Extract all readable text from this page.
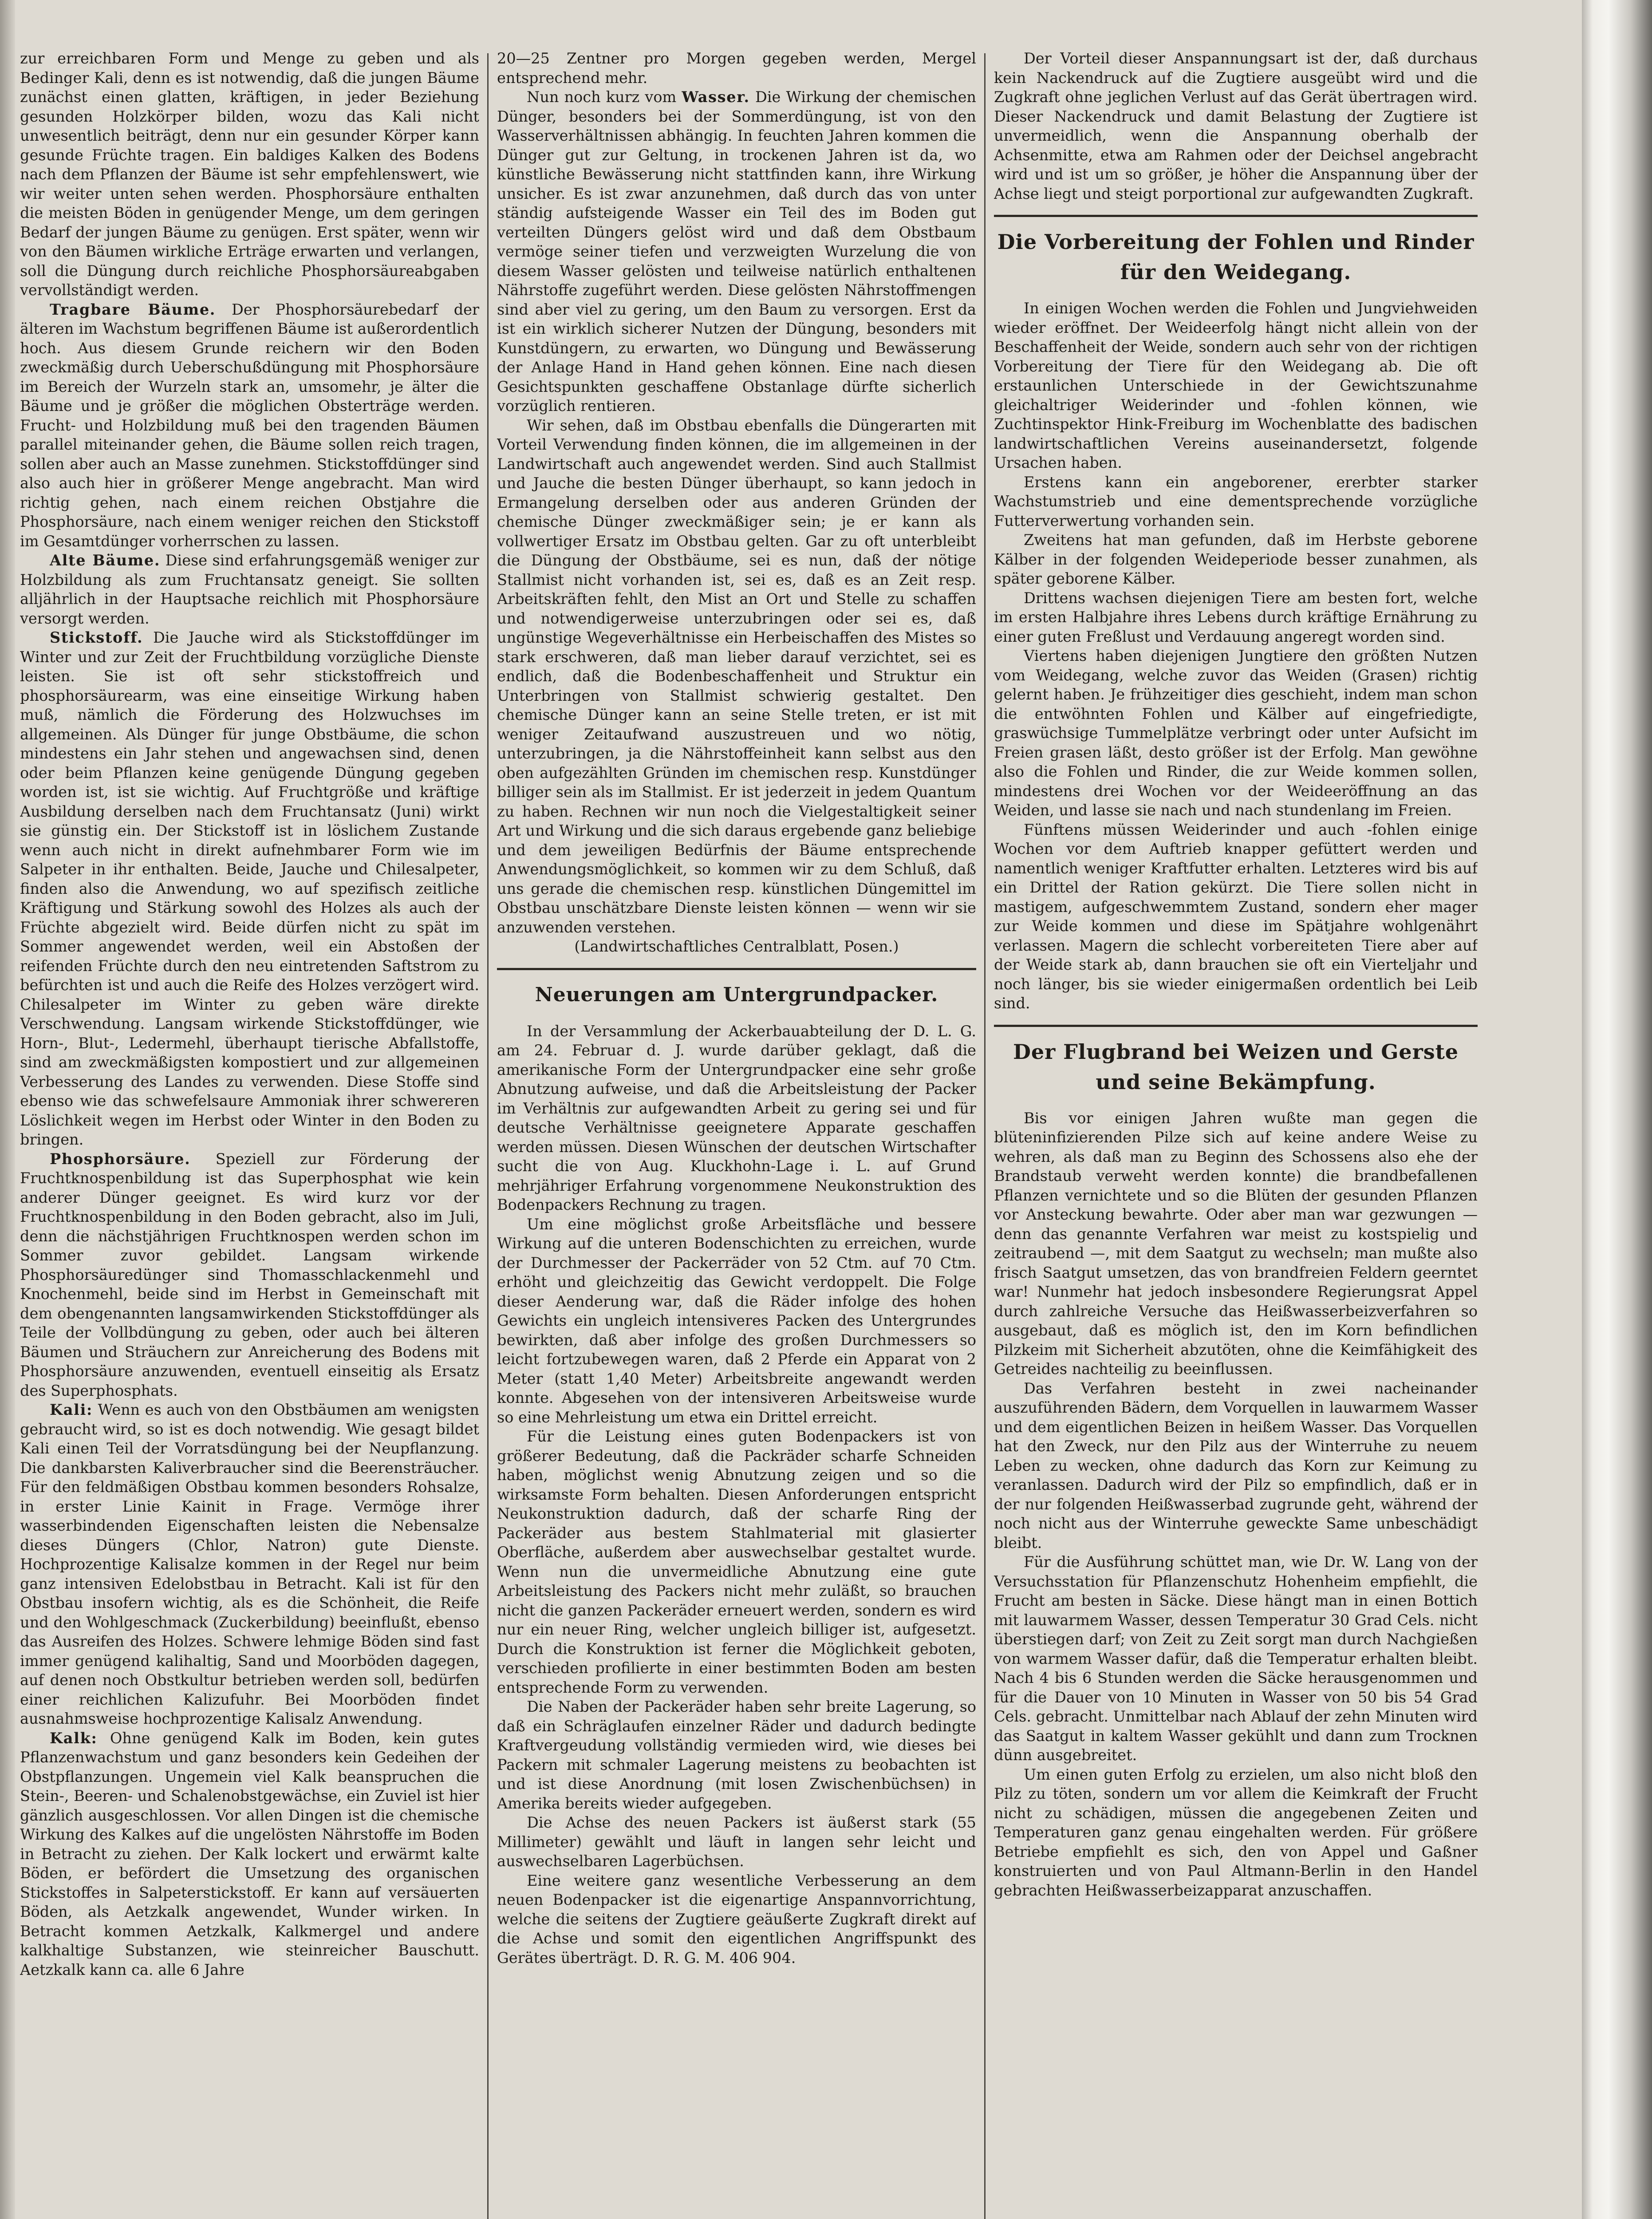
zur erreichbaren Form und Menge zu geben und als Bedinger Kali, denn es ist notwendig, daß die jungen Bäume zunächst einen glatten, kräftigen, in jeder Beziehung gesunden Holzkörper bilden, wozu das Kali nicht unwesentlich beiträgt, denn nur ein gesunder Körper kann gesunde Früchte tragen. Ein baldiges Kalken des Bodens nach dem Pflanzen der Bäume ist sehr empfehlenswert, wie wir weiter unten sehen werden. Phosphorsäure enthalten die meisten Böden in genügender Menge, um dem geringen Bedarf der jungen Bäume zu genügen. Erst später, wenn wir von den Bäumen wirkliche Erträge erwarten und verlangen, soll die Düngung durch reichliche Phosphorsäureabgaben vervollständigt werden.

Tragbare Bäume. Der Phosphorsäurebedarf der älteren im Wachstum begriffenen Bäume ist außerordentlich hoch. Aus diesem Grunde reichern wir den Boden zweckmäßig durch Ueberschußdüngung mit Phosphorsäure im Bereich der Wurzeln stark an, umsomehr, je älter die Bäume und je größer die möglichen Obsterträge werden. Frucht- und Holzbildung muß bei den tragenden Bäumen parallel miteinander gehen, die Bäume sollen reich tragen, sollen aber auch an Masse zunehmen. Stickstoffdünger sind also auch hier in größerer Menge angebracht. Man wird richtig gehen, nach einem reichen Obstjahre die Phosphorsäure, nach einem weniger reichen den Stickstoff im Gesamtdünger vorherrschen zu lassen.

Alte Bäume. Diese sind erfahrungsgemäß weniger zur Holzbildung als zum Fruchtansatz geneigt. Sie sollten alljährlich in der Hauptsache reichlich mit Phosphorsäure versorgt werden.

Stickstoff. Die Jauche wird als Stickstoffdünger im Winter und zur Zeit der Fruchtbildung vorzügliche Dienste leisten. Sie ist oft sehr stickstoffreich und phosphorsäurearm, was eine einseitige Wirkung haben muß, nämlich die Förderung des Holzwuchses im allgemeinen. Als Dünger für junge Obstbäume, die schon mindestens ein Jahr stehen und angewachsen sind, denen oder beim Pflanzen keine genügende Düngung gegeben worden ist, ist sie wichtig. Auf Fruchtgröße und kräftige Ausbildung derselben nach dem Fruchtansatz (Juni) wirkt sie günstig ein. Der Stickstoff ist in löslichem Zustande wenn auch nicht in direkt aufnehmbarer Form wie im Salpeter in ihr enthalten. Beide, Jauche und Chilesalpeter, finden also die Anwendung, wo auf spezifisch zeitliche Kräftigung und Stärkung sowohl des Holzes als auch der Früchte abgezielt wird. Beide dürfen nicht zu spät im Sommer angewendet werden, weil ein Abstoßen der reifenden Früchte durch den neu eintretenden Saftstrom zu befürchten ist und auch die Reife des Holzes verzögert wird. Chilesalpeter im Winter zu geben wäre direkte Verschwendung. Langsam wirkende Stickstoffdünger, wie Horn-, Blut-, Ledermehl, überhaupt tierische Abfallstoffe, sind am zweckmäßigsten kompostiert und zur allgemeinen Verbesserung des Landes zu verwenden. Diese Stoffe sind ebenso wie das schwefelsaure Ammoniak ihrer schwereren Löslichkeit wegen im Herbst oder Winter in den Boden zu bringen.

Phosphorsäure. Speziell zur Förderung der Fruchtknospenbildung ist das Superphosphat wie kein anderer Dünger geeignet. Es wird kurz vor der Fruchtknospenbildung in den Boden gebracht, also im Juli, denn die nächstjährigen Fruchtknospen werden schon im Sommer zuvor gebildet. Langsam wirkende Phosphorsäuredünger sind Thomasschlackenmehl und Knochenmehl, beide sind im Herbst in Gemeinschaft mit dem obengenannten langsamwirkenden Stickstoffdünger als Teile der Vollbdüngung zu geben, oder auch bei älteren Bäumen und Sträuchern zur Anreicherung des Bodens mit Phosphorsäure anzuwenden, eventuell einseitig als Ersatz des Superphosphats.

Kali: Wenn es auch von den Obstbäumen am wenigsten gebraucht wird, so ist es doch notwendig. Wie gesagt bildet Kali einen Teil der Vorratsdüngung bei der Neupflanzung. Die dankbarsten Kaliverbraucher sind die Beerensträucher. Für den feldmäßigen Obstbau kommen besonders Rohsalze, in erster Linie Kainit in Frage. Vermöge ihrer wasserbindenden Eigenschaften leisten die Nebensalze dieses Düngers (Chlor, Natron) gute Dienste. Hochprozentige Kalisalze kommen in der Regel nur beim ganz intensiven Edelobstbau in Betracht. Kali ist für den Obstbau insofern wichtig, als es die Schönheit, die Reife und den Wohlgeschmack (Zuckerbildung) beeinflußt, ebenso das Ausreifen des Holzes. Schwere lehmige Böden sind fast immer genügend kalihaltig, Sand und Moorböden dagegen, auf denen noch Obstkultur betrieben werden soll, bedürfen einer reichlichen Kalizufuhr. Bei Moorböden findet ausnahmsweise hochprozentige Kalisalz Anwendung.

Kalk: Ohne genügend Kalk im Boden, kein gutes Pflanzenwachstum und ganz besonders kein Gedeihen der Obstpflanzungen. Ungemein viel Kalk beanspruchen die Stein-, Beeren- und Schalenobstgewächse, ein Zuviel ist hier gänzlich ausgeschlossen. Vor allen Dingen ist die chemische Wirkung des Kalkes auf die ungelösten Nährstoffe im Boden in Betracht zu ziehen. Der Kalk lockert und erwärmt kalte Böden, er befördert die Umsetzung des organischen Stickstoffes in Salpeterstickstoff. Er kann auf versäuerten Böden, als Aetzkalk angewendet, Wunder wirken. In Betracht kommen Aetzkalk, Kalkmergel und andere kalkhaltige Substanzen, wie steinreicher Bauschutt. Aetzkalk kann ca. alle 6 Jahre

20—25 Zentner pro Morgen gegeben werden, Mergel entsprechend mehr.

Nun noch kurz vom Wasser. Die Wirkung der chemischen Dünger, besonders bei der Sommerdüngung, ist von den Wasserverhältnissen abhängig. In feuchten Jahren kommen die Dünger gut zur Geltung, in trockenen Jahren ist da, wo künstliche Bewässerung nicht stattfinden kann, ihre Wirkung unsicher. Es ist zwar anzunehmen, daß durch das von unter ständig aufsteigende Wasser ein Teil des im Boden gut verteilten Düngers gelöst wird und daß dem Obstbaum vermöge seiner tiefen und verzweigten Wurzelung die von diesem Wasser gelösten und teilweise natürlich enthaltenen Nährstoffe zugeführt werden. Diese gelösten Nährstoffmengen sind aber viel zu gering, um den Baum zu versorgen. Erst da ist ein wirklich sicherer Nutzen der Düngung, besonders mit Kunstdüngern, zu erwarten, wo Düngung und Bewässerung der Anlage Hand in Hand gehen können. Eine nach diesen Gesichtspunkten geschaffene Obstanlage dürfte sicherlich vorzüglich rentieren.

Wir sehen, daß im Obstbau ebenfalls die Düngerarten mit Vorteil Verwendung finden können, die im allgemeinen in der Landwirtschaft auch angewendet werden. Sind auch Stallmist und Jauche die besten Dünger überhaupt, so kann jedoch in Ermangelung derselben oder aus anderen Gründen der chemische Dünger zweckmäßiger sein; je er kann als vollwertiger Ersatz im Obstbau gelten. Gar zu oft unterbleibt die Düngung der Obstbäume, sei es nun, daß der nötige Stallmist nicht vorhanden ist, sei es, daß es an Zeit resp. Arbeitskräften fehlt, den Mist an Ort und Stelle zu schaffen und notwendigerweise unterzubringen oder sei es, daß ungünstige Wegeverhältnisse ein Herbeischaffen des Mistes so stark erschweren, daß man lieber darauf verzichtet, sei es endlich, daß die Bodenbeschaffenheit und Struktur ein Unterbringen von Stallmist schwierig gestaltet. Den chemische Dünger kann an seine Stelle treten, er ist mit weniger Zeitaufwand auszustreuen und wo nötig, unterzubringen, ja die Nährstoffeinheit kann selbst aus den oben aufgezählten Gründen im chemischen resp. Kunstdünger billiger sein als im Stallmist. Er ist jederzeit in jedem Quantum zu haben. Rechnen wir nun noch die Vielgestaltigkeit seiner Art und Wirkung und die sich daraus ergebende ganz beliebige und dem jeweiligen Bedürfnis der Bäume entsprechende Anwendungsmöglichkeit, so kommen wir zu dem Schluß, daß uns gerade die chemischen resp. künstlichen Düngemittel im Obstbau unschätzbare Dienste leisten können — wenn wir sie anzuwenden verstehen.

(Landwirtschaftliches Centralblatt, Posen.)

Neuerungen am Untergrundpacker.

In der Versammlung der Ackerbauabteilung der D. L. G. am 24. Februar d. J. wurde darüber geklagt, daß die amerikanische Form der Untergrundpacker eine sehr große Abnutzung aufweise, und daß die Arbeitsleistung der Packer im Verhältnis zur aufgewandten Arbeit zu gering sei und für deutsche Verhältnisse geeignetere Apparate geschaffen werden müssen. Diesen Wünschen der deutschen Wirtschafter sucht die von Aug. Kluckhohn-Lage i. L. auf Grund mehrjähriger Erfahrung vorgenommene Neukonstruktion des Bodenpackers Rechnung zu tragen.

Um eine möglichst große Arbeitsfläche und bessere Wirkung auf die unteren Bodenschichten zu erreichen, wurde der Durchmesser der Packerräder von 52 Ctm. auf 70 Ctm. erhöht und gleichzeitig das Gewicht verdoppelt. Die Folge dieser Aenderung war, daß die Räder infolge des hohen Gewichts ein ungleich intensiveres Packen des Untergrundes bewirkten, daß aber infolge des großen Durchmessers so leicht fortzubewegen waren, daß 2 Pferde ein Apparat von 2 Meter (statt 1,40 Meter) Arbeitsbreite angewandt werden konnte. Abgesehen von der intensiveren Arbeitsweise wurde so eine Mehrleistung um etwa ein Drittel erreicht.

Für die Leistung eines guten Bodenpackers ist von größerer Bedeutung, daß die Packräder scharfe Schneiden haben, möglichst wenig Abnutzung zeigen und so die wirksamste Form behalten. Diesen Anforderungen entspricht Neukonstruktion dadurch, daß der scharfe Ring der Packeräder aus bestem Stahlmaterial mit glasierter Oberfläche, außerdem aber auswechselbar gestaltet wurde. Wenn nun die unvermeidliche Abnutzung eine gute Arbeitsleistung des Packers nicht mehr zuläßt, so brauchen nicht die ganzen Packeräder erneuert werden, sondern es wird nur ein neuer Ring, welcher ungleich billiger ist, aufgesetzt. Durch die Konstruktion ist ferner die Möglichkeit geboten, verschieden profilierte in einer bestimmten Boden am besten entsprechende Form zu verwenden.

Die Naben der Packeräder haben sehr breite Lagerung, so daß ein Schräglaufen einzelner Räder und dadurch bedingte Kraftvergeudung vollständig vermieden wird, wie dieses bei Packern mit schmaler Lagerung meistens zu beobachten ist und ist diese Anordnung (mit losen Zwischenbüchsen) in Amerika bereits wieder aufgegeben.

Die Achse des neuen Packers ist äußerst stark (55 Millimeter) gewählt und läuft in langen sehr leicht und auswechselbaren Lagerbüchsen.

Eine weitere ganz wesentliche Verbesserung an dem neuen Bodenpacker ist die eigenartige Anspannvorrichtung, welche die seitens der Zugtiere geäußerte Zugkraft direkt auf die Achse und somit den eigentlichen Angriffspunkt des Gerätes überträgt. D. R. G. M. 406 904.

Der Vorteil dieser Anspannungsart ist der, daß durchaus kein Nackendruck auf die Zugtiere ausgeübt wird und die Zugkraft ohne jeglichen Verlust auf das Gerät übertragen wird. Dieser Nackendruck und damit Belastung der Zugtiere ist unvermeidlich, wenn die Anspannung oberhalb der Achsenmitte, etwa am Rahmen oder der Deichsel angebracht wird und ist um so größer, je höher die Anspannung über der Achse liegt und steigt porportional zur aufgewandten Zugkraft.

Die Vorbereitung der Fohlen und Rinder für den Weidegang.

In einigen Wochen werden die Fohlen und Jungviehweiden wieder eröffnet. Der Weideerfolg hängt nicht allein von der Beschaffenheit der Weide, sondern auch sehr von der richtigen Vorbereitung der Tiere für den Weidegang ab. Die oft erstaunlichen Unterschiede in der Gewichtszunahme gleichaltriger Weiderinder und -fohlen können, wie Zuchtinspektor Hink-Freiburg im Wochenblatte des badischen landwirtschaftlichen Vereins auseinandersetzt, folgende Ursachen haben.

Erstens kann ein angeborener, ererbter starker Wachstumstrieb und eine dementsprechende vorzügliche Futterverwertung vorhanden sein.

Zweitens hat man gefunden, daß im Herbste geborene Kälber in der folgenden Weideperiode besser zunahmen, als später geborene Kälber.

Drittens wachsen diejenigen Tiere am besten fort, welche im ersten Halbjahre ihres Lebens durch kräftige Ernährung zu einer guten Freßlust und Verdauung angeregt worden sind.

Viertens haben diejenigen Jungtiere den größten Nutzen vom Weidegang, welche zuvor das Weiden (Grasen) richtig gelernt haben. Je frühzeitiger dies geschieht, indem man schon die entwöhnten Fohlen und Kälber auf eingefriedigte, graswüchsige Tummelplätze verbringt oder unter Aufsicht im Freien grasen läßt, desto größer ist der Erfolg. Man gewöhne also die Fohlen und Rinder, die zur Weide kommen sollen, mindestens drei Wochen vor der Weideeröffnung an das Weiden, und lasse sie nach und nach stundenlang im Freien.

Fünftens müssen Weiderinder und auch -fohlen einige Wochen vor dem Auftrieb knapper gefüttert werden und namentlich weniger Kraftfutter erhalten. Letzteres wird bis auf ein Drittel der Ration gekürzt. Die Tiere sollen nicht in mastigem, aufgeschwemmtem Zustand, sondern eher mager zur Weide kommen und diese im Spätjahre wohlgenährt verlassen. Magern die schlecht vorbereiteten Tiere aber auf der Weide stark ab, dann brauchen sie oft ein Vierteljahr und noch länger, bis sie wieder einigermaßen ordentlich bei Leib sind.

Der Flugbrand bei Weizen und Gerste und seine Bekämpfung.

Bis vor einigen Jahren wußte man gegen die blüteninfizierenden Pilze sich auf keine andere Weise zu wehren, als daß man zu Beginn des Schossens also ehe der Brandstaub verweht werden konnte) die brandbefallenen Pflanzen vernichtete und so die Blüten der gesunden Pflanzen vor Ansteckung bewahrte. Oder aber man war gezwungen — denn das genannte Verfahren war meist zu kostspielig und zeitraubend —, mit dem Saatgut zu wechseln; man mußte also frisch Saatgut umsetzen, das von brandfreien Feldern geerntet war! Nunmehr hat jedoch insbesondere Regierungsrat Appel durch zahlreiche Versuche das Heißwasserbeizverfahren so ausgebaut, daß es möglich ist, den im Korn befindlichen Pilzkeim mit Sicherheit abzutöten, ohne die Keimfähigkeit des Getreides nachteilig zu beeinflussen.

Das Verfahren besteht in zwei nacheinander auszuführenden Bädern, dem Vorquellen in lauwarmem Wasser und dem eigentlichen Beizen in heißem Wasser. Das Vorquellen hat den Zweck, nur den Pilz aus der Winterruhe zu neuem Leben zu wecken, ohne dadurch das Korn zur Keimung zu veranlassen. Dadurch wird der Pilz so empfindlich, daß er in der nur folgenden Heißwasserbad zugrunde geht, während der noch nicht aus der Winterruhe geweckte Same unbeschädigt bleibt.

Für die Ausführung schüttet man, wie Dr. W. Lang von der Versuchsstation für Pflanzenschutz Hohenheim empfiehlt, die Frucht am besten in Säcke. Diese hängt man in einen Bottich mit lauwarmem Wasser, dessen Temperatur 30 Grad Cels. nicht überstiegen darf; von Zeit zu Zeit sorgt man durch Nachgießen von warmem Wasser dafür, daß die Temperatur erhalten bleibt. Nach 4 bis 6 Stunden werden die Säcke herausgenommen und für die Dauer von 10 Minuten in Wasser von 50 bis 54 Grad Cels. gebracht. Unmittelbar nach Ablauf der zehn Minuten wird das Saatgut in kaltem Wasser gekühlt und dann zum Trocknen dünn ausgebreitet.

Um einen guten Erfolg zu erzielen, um also nicht bloß den Pilz zu töten, sondern um vor allem die Keimkraft der Frucht nicht zu schädigen, müssen die angegebenen Zeiten und Temperaturen ganz genau eingehalten werden. Für größere Betriebe empfiehlt es sich, den von Appel und Gaßner konstruierten und von Paul Altmann-Berlin in den Handel gebrachten Heißwasserbeizapparat anzuschaffen.
